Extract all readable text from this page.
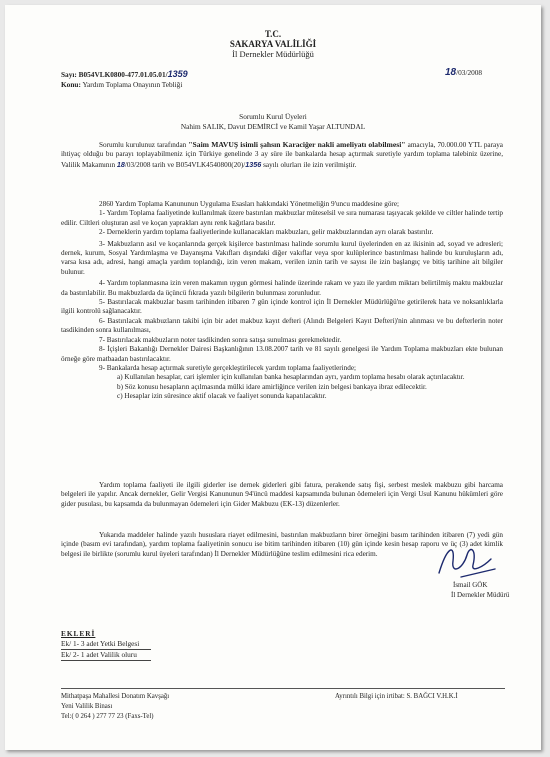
T.C.
SAKARYA VALİLİĞİ
İl Dernekler Müdürlüğü
Sayı: B054VLK0800-477.01.05.01/1359	18/03/2008
Konu: Yardım Toplama Onayının Tebliği
Sorumlu Kurul Üyeleri
Nahim SALIK, Davut DEMİRCİ ve Kamil Yaşar ALTUNDAL
Sorumlu kurulunuz tarafından "Saim MAVUŞ isimli şahsın Karaciğer nakli ameliyatı olabilmesi" amacıyla, 70.000.00 YTL paraya ihtiyaç olduğu bu parayı toplayabilmeniz için Türkiye genelinde 3 ay süre ile bankalarda hesap açtırmak suretiyle yardım toplama talebiniz üzerine, Valilik Makamının 18/03/2008 tarih ve B054VLK4540800(20)/1356 sayılı olurları ile izin verilmiştir.

2860 Yardım Toplama Kanununun Uygulama Esasları hakkındaki Yönetmeliğin 9'uncu maddesine göre;

1- Yardım Toplama faaliyetinde kullanılmak üzere bastırılan makbuzlar müteselsil ve sıra numarası taşıyacak şekilde ve ciltler halinde tertip edilir. Ciltleri oluşturan asıl ve koçan yaprakları aynı renk kağıtlara basılır.

2- Derneklerin yardım toplama faaliyetlerinde kullanacakları makbuzları, gelir makbuzlarından ayrı olarak bastırılır.

3- Makbuzların asıl ve koçanlarında gerçek kişilerce bastırılması halinde sorumlu kurul üyelerinden en az ikisinin ad, soyad ve adresleri; dernek, kurum, Sosyal Yardımlaşma ve Dayanışma Vakıfları dışındaki diğer vakıflar veya spor kulüplerince bastırılması halinde bu kuruluşların adı, varsa kısa adı, adresi, hangi amaçla yardım toplandığı, izin veren makam, verilen iznin tarih ve sayısı ile izin başlangıç ve bitiş tarihine ait bilgiler bulunur.

4- Yardım toplanmasına izin veren makamın uygun görmesi halinde üzerinde rakam ve yazı ile yardım miktarı belirtilmiş maktu makbuzlar da bastırılabilir. Bu makbuzlarda da üçüncü fıkrada yazılı bilgilerin bulunması zorunludur.

5- Bastırılacak makbuzlar basım tarihinden itibaren 7 gün içinde kontrol için İl Dernekler Müdürlüğü'ne getirilerek hata ve noksanlıklarla ilgili kontrolü sağlanacaktır.

6- Bastırılacak makbuzların takibi için bir adet makbuz kayıt defteri (Alındı Belgeleri Kayıt Defteri)'nin alınması ve bu defterlerin noter tasdikinden sonra kullanılması,

7- Bastırılacak makbuzların noter tasdikinden sonra satışa sunulması gerekmektedir.

8- İçişleri Bakanlığı Dernekler Dairesi Başkanlığının 13.08.2007 tarih ve 81 sayılı genelgesi ile Yardım Toplama makbuzları ekte bulunan örneğe göre matbaadan bastırılacaktır.

9- Bankalarda hesap açtırmak suretiyle gerçekleştirilecek yardım toplama faaliyetlerinde;

a) Kullanılan hesaplar, cari işlemler için kullanılan banka hesaplarından ayrı, yardım toplama hesabı olarak açtırılacaktır.

b) Söz konusu hesapların açılmasında mülki idare amirliğince verilen izin belgesi bankaya ibraz edilecektir.

c) Hesaplar izin süresince aktif olacak ve faaliyet sonunda kapatılacaktır.

Yardım toplama faaliyeti ile ilgili giderler ise dernek giderleri gibi fatura, perakende satış fişi, serbest meslek makbuzu gibi harcama belgeleri ile yapılır. Ancak dernekler, Gelir Vergisi Kanununun 94'üncü maddesi kapsamında bulunan ödemeleri için Vergi Usul Kanunu hükümleri göre gider pusulası, bu kapsamda da bulunmayan ödemeleri için Gider Makbuzu (EK-13) düzenlerler.
Yukarıda maddeler halinde yazılı hususlara riayet edilmesini, bastırılan makbuzların birer örneğini basım tarihinden itibaren (7) yedi gün içinde (basım evi tarafından), yardım toplama faaliyetinin sonucu ise bitim tarihinden itibaren (10) gün içinde kesin hesap raporu ve üç (3) adet kimlik belgesi ile birlikte (sorumlu kurul üyeleri tarafından) İl Dernekler Müdürlüğüne teslim edilmesini rica ederim.
İsmail GÖK
İl Dernekler Müdürü
EKLERİ
Ek/ 1- 3 adet Yetki Belgesi
Ek/ 2- 1 adet Valilik oluru
Mithatpaşa Mahallesi Donatım Kavşağı
Yeni Valilik Binası
Tel:( 0 264 ) 277 77 23 (Faxs-Tel)
Ayrıntılı Bilgi için irtibat: S. BAĞCI V.H.K.İ
